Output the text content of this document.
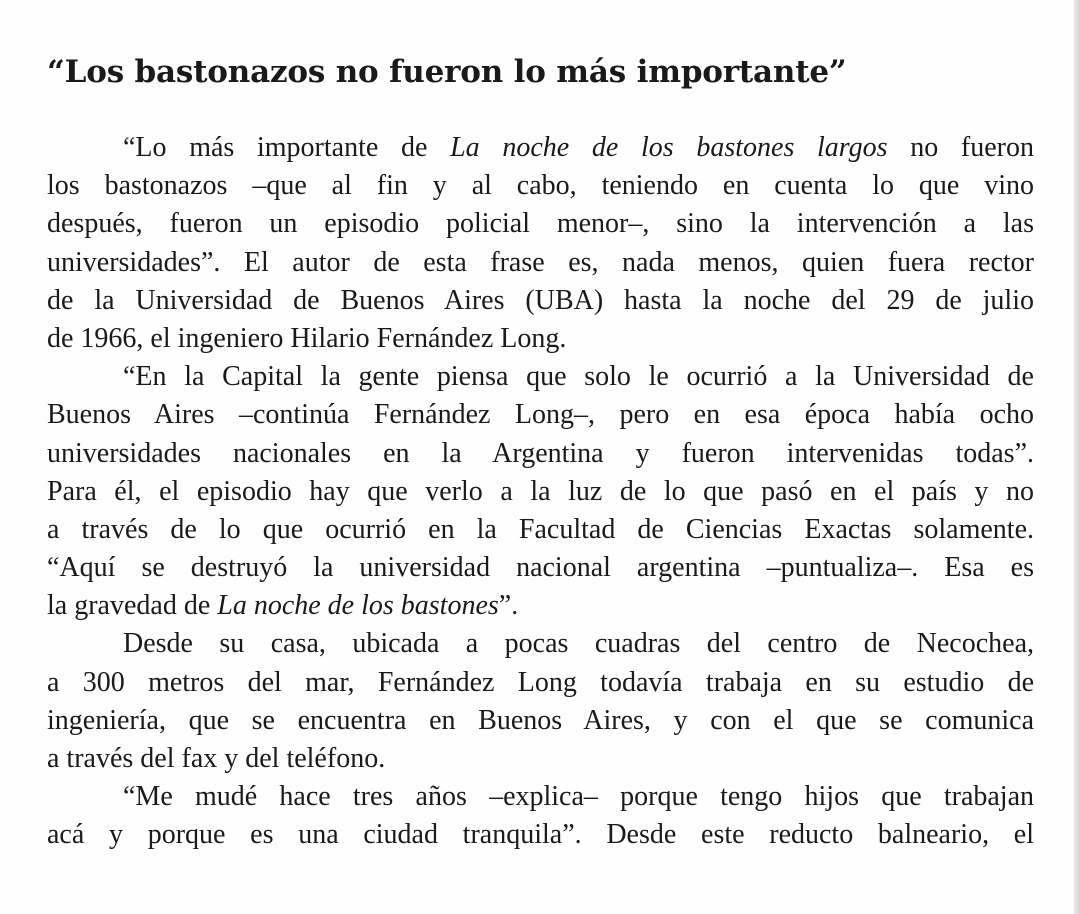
“Los bastonazos no fueron lo más importante”
“Lo más importante de La noche de los bastones largos no fueron
los bastonazos –que al fin y al cabo, teniendo en cuenta lo que vino
después, fueron un episodio policial menor–, sino la intervención a las
universidades”. El autor de esta frase es, nada menos, quien fuera rector
de la Universidad de Buenos Aires (UBA) hasta la noche del 29 de julio
de 1966, el ingeniero Hilario Fernández Long.
“En la Capital la gente piensa que solo le ocurrió a la Universidad de
Buenos Aires –continúa Fernández Long–, pero en esa época había ocho
universidades nacionales en la Argentina y fueron intervenidas todas”.
Para él, el episodio hay que verlo a la luz de lo que pasó en el país y no
a través de lo que ocurrió en la Facultad de Ciencias Exactas solamente.
“Aquí se destruyó la universidad nacional argentina –puntualiza–. Esa es
la gravedad de La noche de los bastones”.
Desde su casa, ubicada a pocas cuadras del centro de Necochea,
a 300 metros del mar, Fernández Long todavía trabaja en su estudio de
ingeniería, que se encuentra en Buenos Aires, y con el que se comunica
a través del fax y del teléfono.
“Me mudé hace tres años –explica– porque tengo hijos que trabajan
acá y porque es una ciudad tranquila”. Desde este reducto balneario, el
